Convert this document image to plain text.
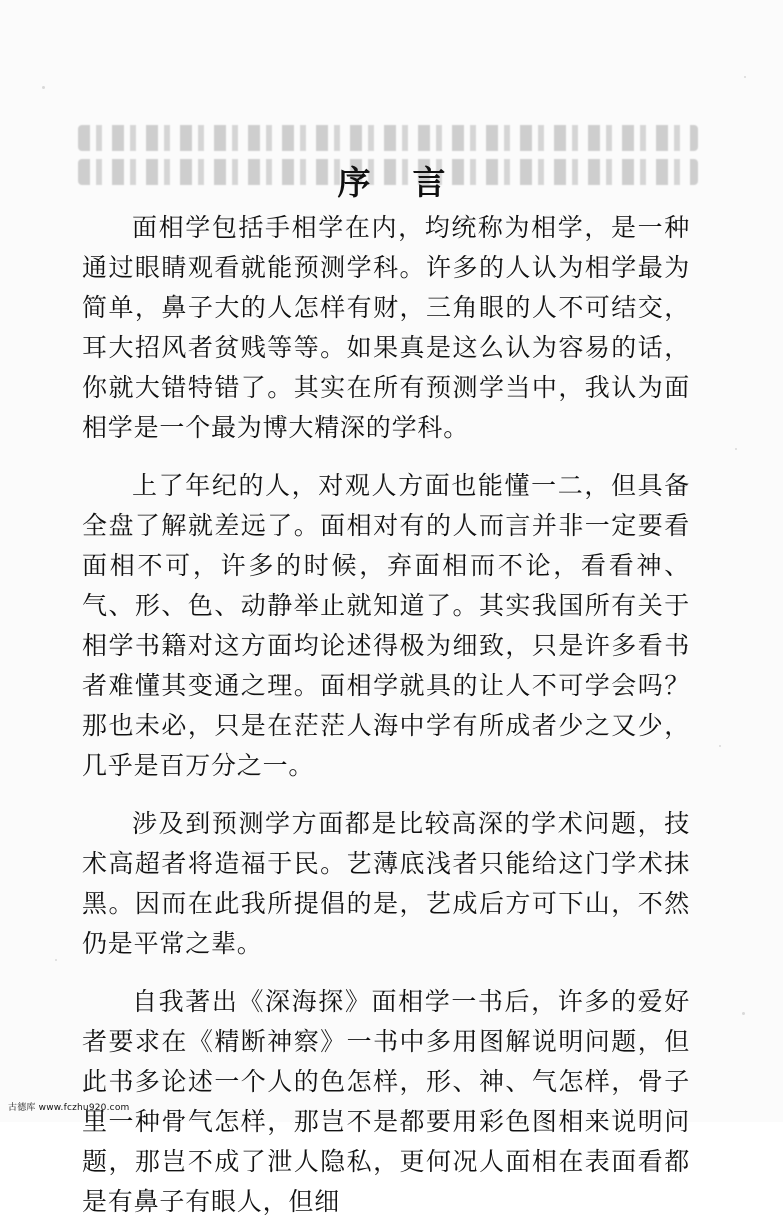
序言

面相学包括手相学在内，均统称为相学，是一种通过眼睛观看就能预测学科。许多的人认为相学最为简单，鼻子大的人怎样有财，三角眼的人不可结交，耳大招风者贫贱等等。如果真是这么认为容易的话，你就大错特错了。其实在所有预测学当中，我认为面相学是一个最为博大精深的学科。

上了年纪的人，对观人方面也能懂一二，但具备全盘了解就差远了。面相对有的人而言并非一定要看面相不可，许多的时候，弃面相而不论，看看神、气、形、色、动静举止就知道了。其实我国所有关于相学书籍对这方面均论述得极为细致，只是许多看书者难懂其变通之理。面相学就具的让人不可学会吗？那也未必，只是在茫茫人海中学有所成者少之又少，几乎是百万分之一。

涉及到预测学方面都是比较高深的学术问题，技术高超者将造福于民。艺薄底浅者只能给这门学术抹黑。因而在此我所提倡的是，艺成后方可下山，不然仍是平常之辈。

自我著出《深海探》面相学一书后，许多的爱好者要求在《精断神察》一书中多用图解说明问题，但此书多论述一个人的色怎样，形、神、气怎样，骨子里一种骨气怎样，那岂不是都要用彩色图相来说明问题，那岂不成了泄人隐私，更何况人面相在表面看都是有鼻子有眼人，但细

古德库 www.fczhu920.com
